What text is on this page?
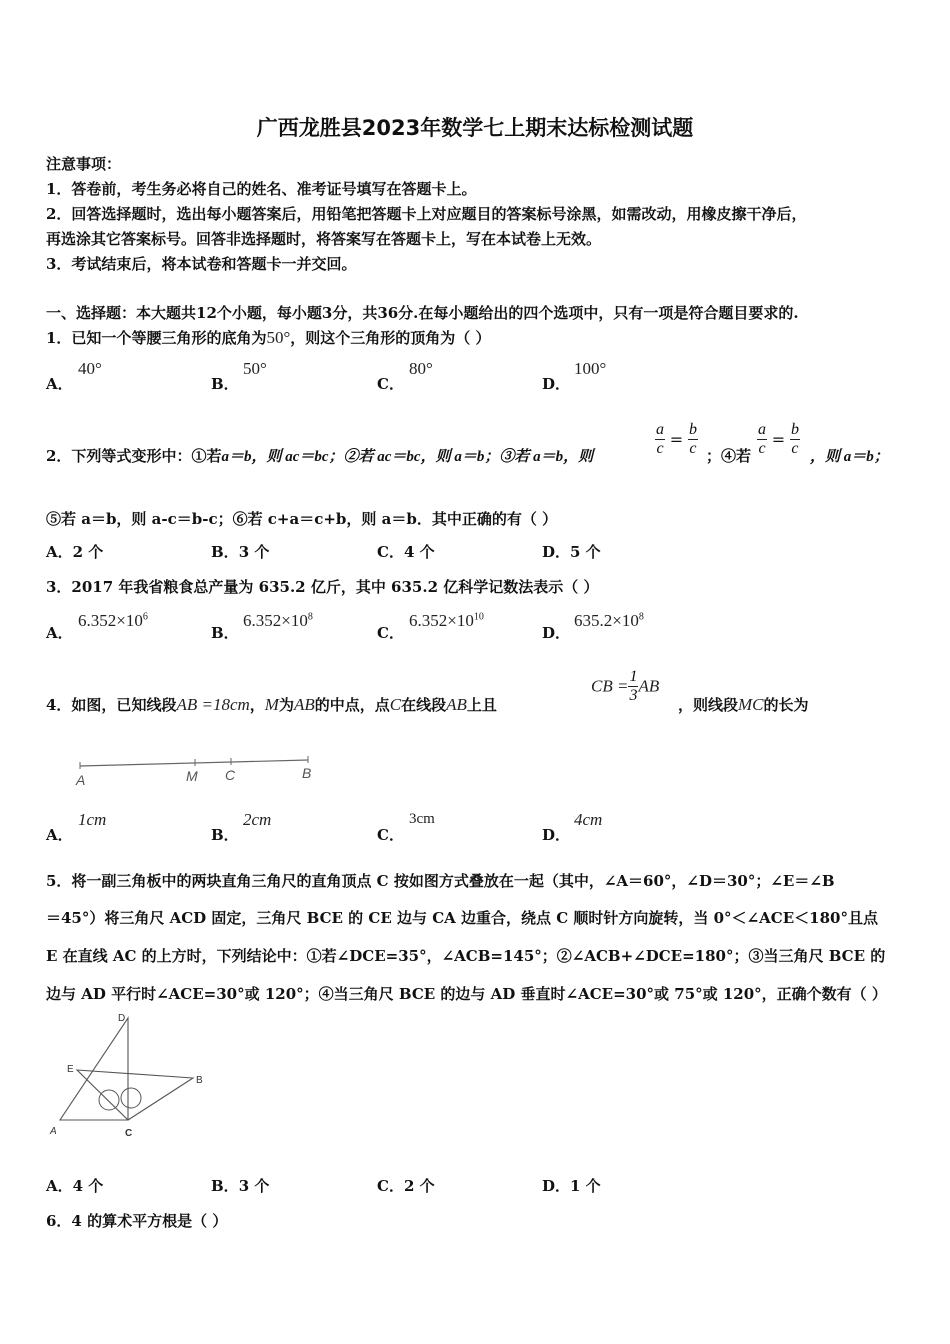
广西龙胜县2023年数学七上期末达标检测试题
注意事项：
1．答卷前，考生务必将自己的姓名、准考证号填写在答题卡上。
2．回答选择题时，选出每小题答案后，用铅笔把答题卡上对应题目的答案标号涂黑，如需改动，用橡皮擦干净后，
再选涂其它答案标号。回答非选择题时，将答案写在答题卡上，写在本试卷上无效。
3．考试结束后，将本试卷和答题卡一并交回。
一、选择题：本大题共12个小题，每小题3分，共36分.在每小题给出的四个选项中，只有一项是符合题目要求的.
1．已知一个等腰三角形的底角为50°，则这个三角形的顶角为（ ）
A．
40°
B．
50°
C．
80°
D．
100°
2．下列等式变形中：①若a＝b，则 ac＝bc；②若 ac＝bc，则 a＝b；③若 a＝b，则	$\frac{a}{c} = \frac{b}{c}$ ；④若 $\frac{a}{c} = \frac{b}{c}$ ，则 a＝b；
⑤若 a＝b，则 a-c＝b-c；⑥若 c+a＝c+b，则 a＝b．其中正确的有（ ）
A．2 个	B．3 个	C．4 个	D．5 个
3．2017 年我省粮食总产量为 635.2 亿斤，其中 635.2 亿科学记数法表示（ ）
A．
$6.352\times 10^6$
B．
$6.352\times 10^8$
C．
$6.352\times 10^{10}$
D．
$635.2\times 10^8$
4．如图，已知线段AB =18cm，M为AB的中点，点C在线段AB上且
CB = $\frac{1}{3}$ AB
，则线段MC的长为
A	M C	B
A．
1cm
B．
2cm
C．
3cm
D．
4cm
5．将一副三角板中的两块直角三角尺的直角顶点 C 按如图方式叠放在一起（其中，∠A＝60°，∠D＝30°；∠E＝∠B
＝45°）将三角尺 ACD 固定，三角尺 BCE 的 CE 边与 CA 边重合，绕点 C 顺时针方向旋转，当 0°＜∠ACE＜180°且点
E 在直线 AC 的上方时，下列结论中：①若∠DCE=35°，∠ACB=145°；②∠ACB+∠DCE=180°；③当三角尺 BCE 的
边与 AD 平行时∠ACE=30°或 120°；④当三角尺 BCE 的边与 AD 垂直时∠ACE=30°或 75°或 120°，正确个数有（ ）
D
E
B
A	C
A．4 个	B．3 个	C．2 个	D．1 个
6．4 的算术平方根是（ ）
